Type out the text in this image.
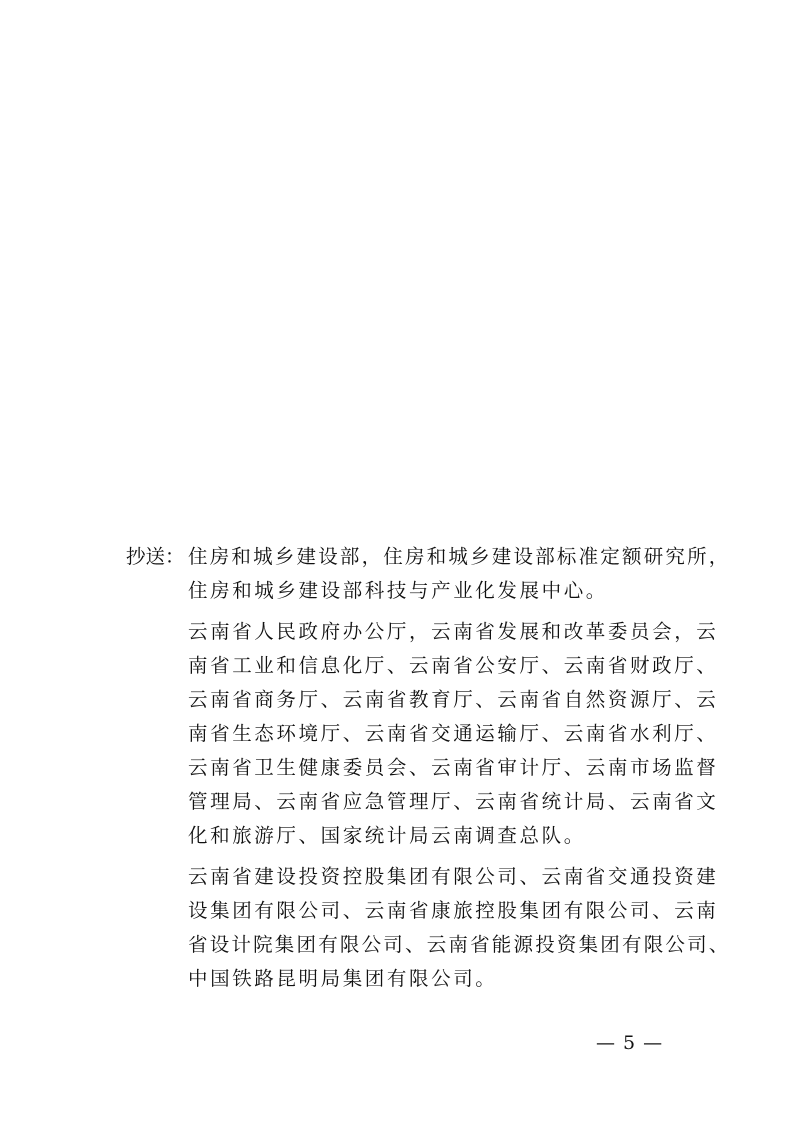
抄送： 住房和城乡建设部，住房和城乡建设部标准定额研究所，
住房和城乡建设部科技与产业化发展中心。
云南省人民政府办公厅，云南省发展和改革委员会，云
南省工业和信息化厅、云南省公安厅、云南省财政厅、
云南省商务厅、云南省教育厅、云南省自然资源厅、云
南省生态环境厅、云南省交通运输厅、云南省水利厅、
云南省卫生健康委员会、云南省审计厅、云南市场监督
管理局、云南省应急管理厅、云南省统计局、云南省文
化和旅游厅、国家统计局云南调查总队。
云南省建设投资控股集团有限公司、云南省交通投资建
设集团有限公司、云南省康旅控股集团有限公司、云南
省设计院集团有限公司、云南省能源投资集团有限公司、
中国铁路昆明局集团有限公司。
— 5 —
